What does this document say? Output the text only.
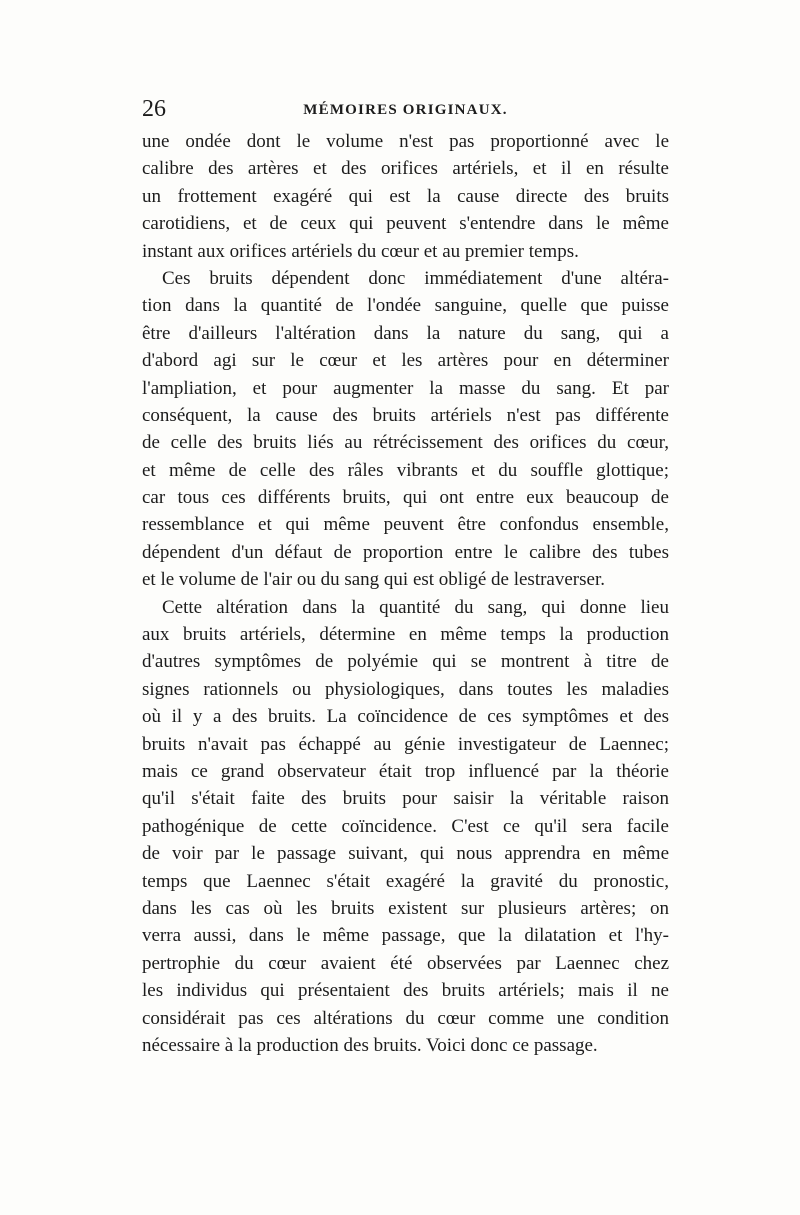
26	MÉMOIRES ORIGINAUX.
une ondée dont le volume n'est pas proportionné avec le
calibre des artères et des orifices artériels, et il en résulte
un frottement exagéré qui est la cause directe des bruits
carotidiens, et de ceux qui peuvent s'entendre dans le même
instant aux orifices artériels du cœur et au premier temps.
Ces bruits dépendent donc immédiatement d'une altéra-
tion dans la quantité de l'ondée sanguine, quelle que puisse
être d'ailleurs l'altération dans la nature du sang, qui a
d'abord agi sur le cœur et les artères pour en déterminer
l'ampliation, et pour augmenter la masse du sang. Et par
conséquent, la cause des bruits artériels n'est pas différente
de celle des bruits liés au rétrécissement des orifices du cœur,
et même de celle des râles vibrants et du souffle glottique;
car tous ces différents bruits, qui ont entre eux beaucoup de
ressemblance et qui même peuvent être confondus ensemble,
dépendent d'un défaut de proportion entre le calibre des tubes
et le volume de l'air ou du sang qui est obligé de lestraverser.
Cette altération dans la quantité du sang, qui donne lieu
aux bruits artériels, détermine en même temps la production
d'autres symptômes de polyémie qui se montrent à titre de
signes rationnels ou physiologiques, dans toutes les maladies
où il y a des bruits. La coïncidence de ces symptômes et des
bruits n'avait pas échappé au génie investigateur de Laennec;
mais ce grand observateur était trop influencé par la théorie
qu'il s'était faite des bruits pour saisir la véritable raison
pathogénique de cette coïncidence. C'est ce qu'il sera facile
de voir par le passage suivant, qui nous apprendra en même
temps que Laennec s'était exagéré la gravité du pronostic,
dans les cas où les bruits existent sur plusieurs artères; on
verra aussi, dans le même passage, que la dilatation et l'hy-
pertrophie du cœur avaient été observées par Laennec chez
les individus qui présentaient des bruits artériels; mais il ne
considérait pas ces altérations du cœur comme une condition
nécessaire à la production des bruits. Voici donc ce passage.
